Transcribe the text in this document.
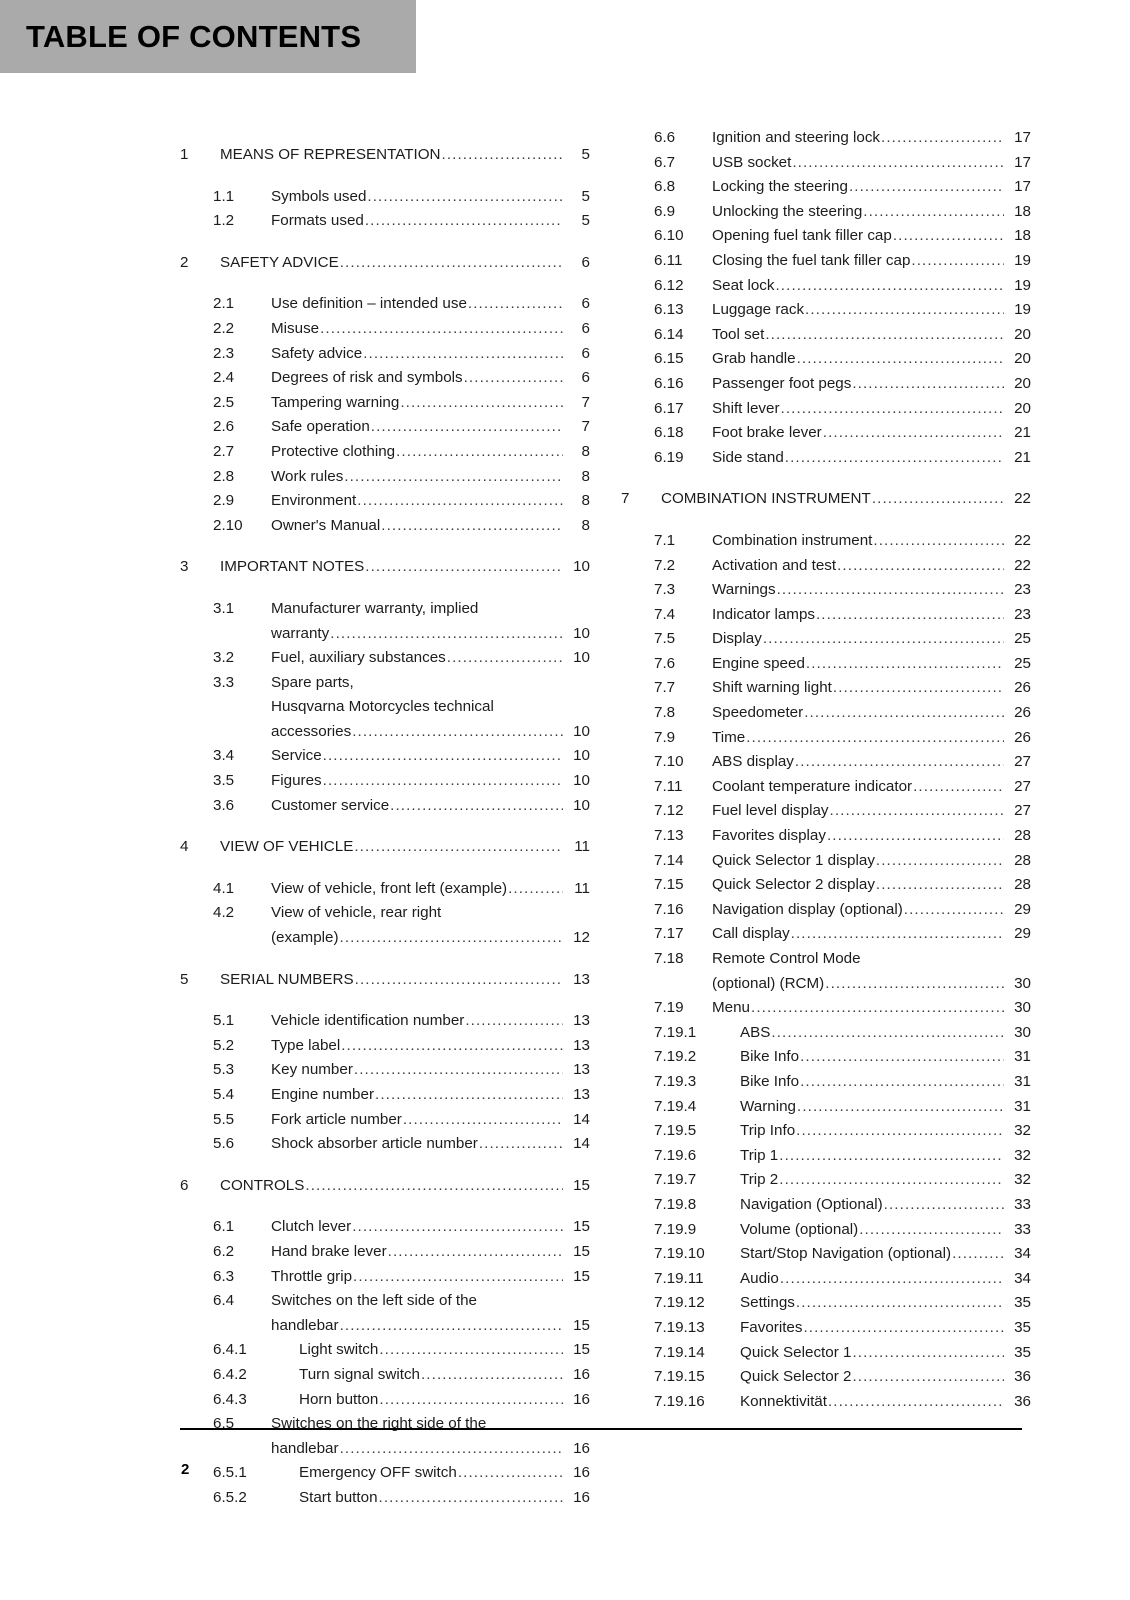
TABLE OF CONTENTS
1	MEANS OF REPRESENTATION .....	5
1.1	Symbols used .....	5
1.2	Formats used .....	5
2	SAFETY ADVICE .....	6
2.1	Use definition – intended use .....	6
2.2	Misuse .....	6
2.3	Safety advice .....	6
2.4	Degrees of risk and symbols .....	6
2.5	Tampering warning .....	7
2.6	Safe operation .....	7
2.7	Protective clothing .....	8
2.8	Work rules .....	8
2.9	Environment .....	8
2.10	Owner's Manual .....	8
3	IMPORTANT NOTES .....	10
3.1	Manufacturer warranty, implied
warranty .....	10
3.2	Fuel, auxiliary substances .....	10
3.3	Spare parts,
Husqvarna Motorcycles technical
accessories .....	10
3.4	Service .....	10
3.5	Figures .....	10
3.6	Customer service .....	10
4	VIEW OF VEHICLE .....	11
4.1	View of vehicle, front left (example) .....	11
4.2	View of vehicle, rear right
(example) .....	12
5	SERIAL NUMBERS .....	13
5.1	Vehicle identification number .....	13
5.2	Type label .....	13
5.3	Key number .....	13
5.4	Engine number .....	13
5.5	Fork article number .....	14
5.6	Shock absorber article number .....	14
6	CONTROLS .....	15
6.1	Clutch lever .....	15
6.2	Hand brake lever .....	15
6.3	Throttle grip .....	15
6.4	Switches on the left side of the
handlebar .....	15
6.4.1	Light switch .....	15
6.4.2	Turn signal switch .....	16
6.4.3	Horn button .....	16
6.5	Switches on the right side of the
handlebar .....	16
6.5.1	Emergency OFF switch .....	16
6.5.2	Start button .....	16
6.6	Ignition and steering lock .....	17
6.7	USB socket .....	17
6.8	Locking the steering .....	17
6.9	Unlocking the steering .....	18
6.10	Opening fuel tank filler cap .....	18
6.11	Closing the fuel tank filler cap .....	19
6.12	Seat lock .....	19
6.13	Luggage rack .....	19
6.14	Tool set .....	20
6.15	Grab handle .....	20
6.16	Passenger foot pegs .....	20
6.17	Shift lever .....	20
6.18	Foot brake lever .....	21
6.19	Side stand .....	21
7	COMBINATION INSTRUMENT .....	22
7.1	Combination instrument .....	22
7.2	Activation and test .....	22
7.3	Warnings .....	23
7.4	Indicator lamps .....	23
7.5	Display .....	25
7.6	Engine speed .....	25
7.7	Shift warning light .....	26
7.8	Speedometer .....	26
7.9	Time .....	26
7.10	ABS display .....	27
7.11	Coolant temperature indicator .....	27
7.12	Fuel level display .....	27
7.13	Favorites display .....	28
7.14	Quick Selector 1 display .....	28
7.15	Quick Selector 2 display .....	28
7.16	Navigation display (optional) .....	29
7.17	Call display .....	29
7.18	Remote Control Mode
(optional) (RCM) .....	30
7.19	Menu .....	30
7.19.1	ABS .....	30
7.19.2	Bike Info .....	31
7.19.3	Bike Info .....	31
7.19.4	Warning .....	31
7.19.5	Trip Info .....	32
7.19.6	Trip 1 .....	32
7.19.7	Trip 2 .....	32
7.19.8	Navigation (Optional) .....	33
7.19.9	Volume (optional) .....	33
7.19.10	Start/Stop Navigation (optional) .....	34
7.19.11	Audio .....	34
7.19.12	Settings .....	35
7.19.13	Favorites .....	35
7.19.14	Quick Selector 1 .....	35
7.19.15	Quick Selector 2 .....	36
7.19.16	Konnektivität .....	36
2
